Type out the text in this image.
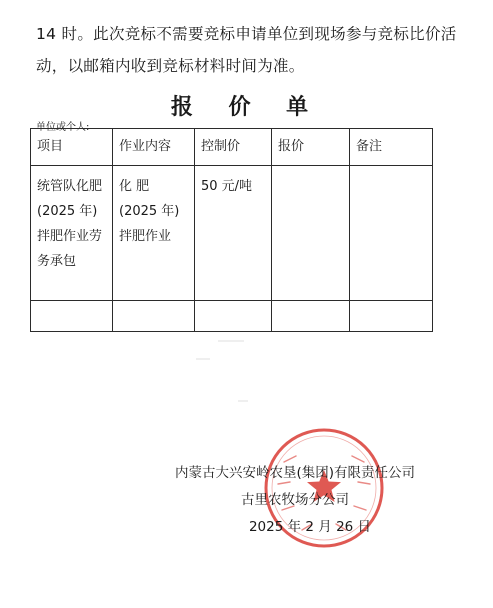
14 时。此次竞标不需要竞标申请单位到现场参与竞标比价活

动，以邮箱内收到竞标材料时间为准。

报 价 单
单位或个人:
项目	作业内容	控制价	报价	备注
统管队化肥(2025 年)拌肥作业劳务承包	化 肥 (2025 年)拌肥作业	50 元/吨		

内蒙古大兴安岭农垦(集团)有限责任公司
古里农牧场分公司
2025 年 2 月 26 日
